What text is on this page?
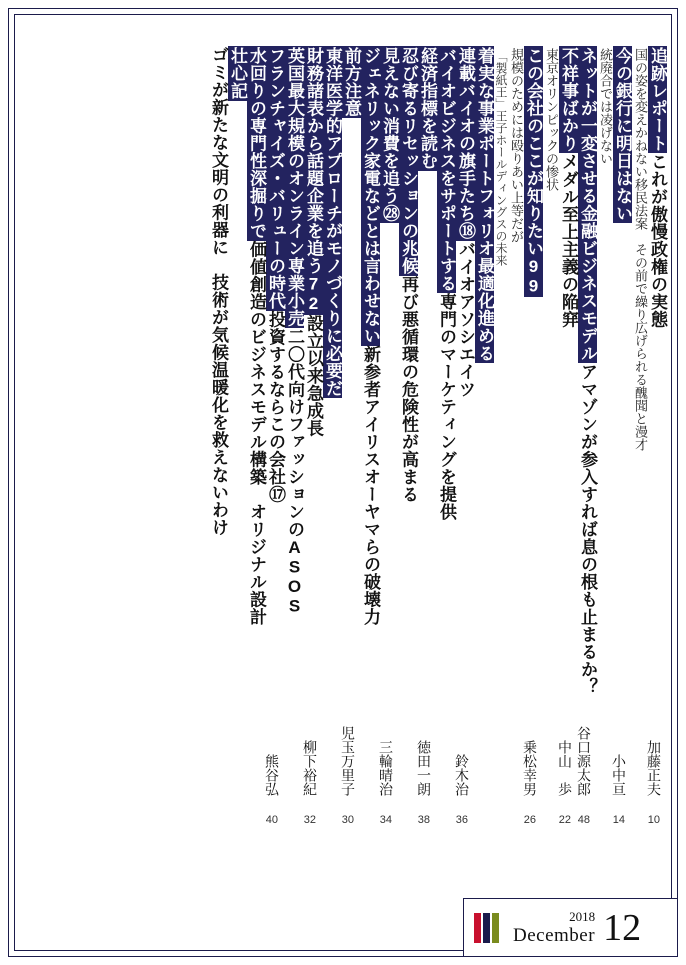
追跡レポートこれが傲慢政権の実態
国の姿を変えかねない移民法案　その前で繰り広げられる醜聞と漫才
加藤正夫
10
今の銀行に明日はない
統廃合では凌げない
小中亘
14
ネットが一変させる金融ビジネスモデルアマゾンが参入すれば息の根も止まるか？
谷口源太郎
48
不祥事ばかりメダル至上主義の陥穽
東京オリンピックの惨状
中山　歩
22
この会社のここが知りたい99
規模のためには殴りあい上等だが
「製紙王」王子ホールディングスの未来
乗松幸男
26
着実な事業ポートフォリオ最適化進める
連載バイオの旗手たち⑱バイオアソシエイツ
鈴木治
36
バイオビジネスをサポートする専門のマーケティングを提供
経済指標を読む
徳田一朗
38
忍び寄るリセッションの兆候再び悪循環の危険性が高まる
見えない消費を追う㉘
三輪晴治
34
ジェネリック家電などとは言わせない新参者アイリスオーヤマらの破壊力
前方注意
児玉万里子
30
東洋医学的アプローチがモノづくりに必要だ
財務諸表から話題企業を追う72設立以来急成長
柳下裕紀
32
英国最大規模のオンライン専業小売二〇代向けファッションのASOS
フランチャイズ・バリューの時代投資するならこの会社⑰
熊谷弘
40
水回りの専門性深掘りで価値創造のビジネスモデル構築　オリジナル設計
壮心記
ゴミが新たな文明の利器に　技術が気候温暖化を救えないわけ
2018
December 12
